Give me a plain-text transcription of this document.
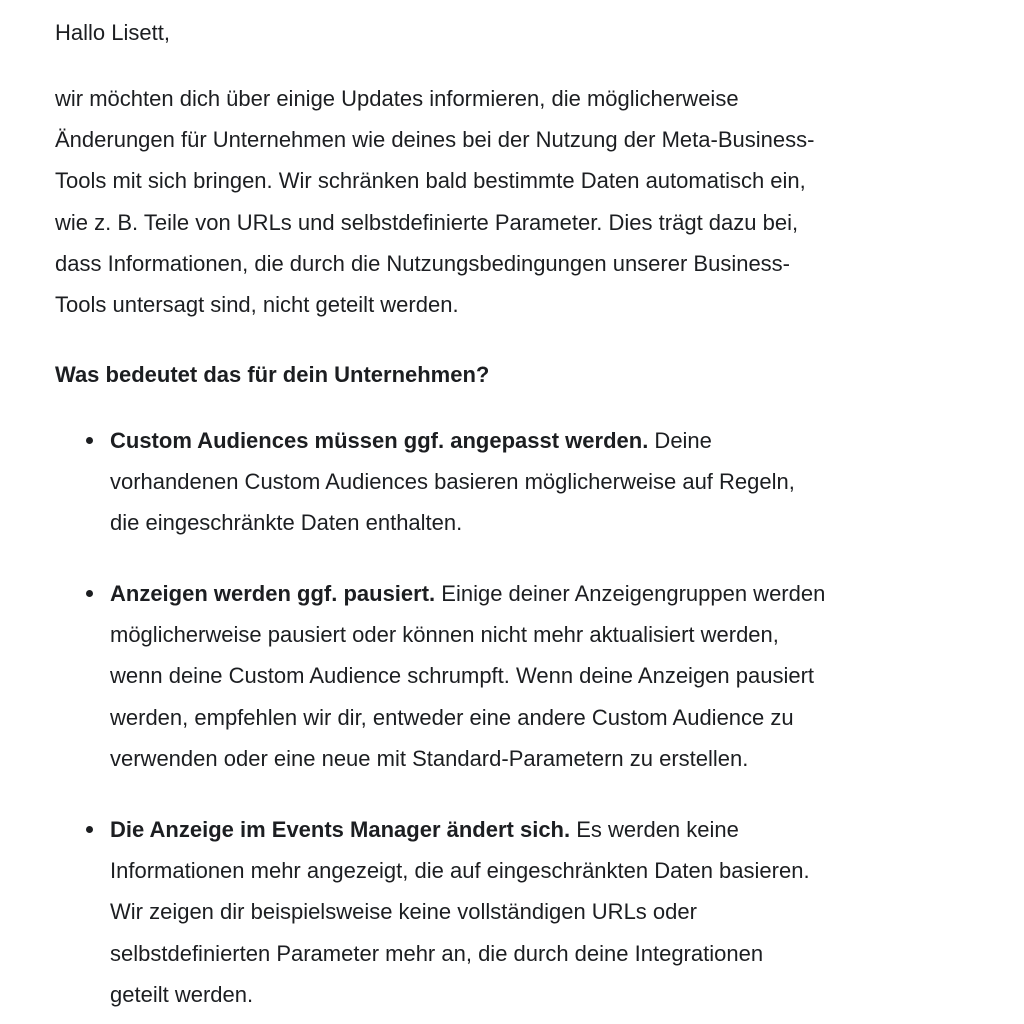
Hallo Lisett,
wir möchten dich über einige Updates informieren, die möglicherweise
Änderungen für Unternehmen wie deines bei der Nutzung der Meta-Business-
Tools mit sich bringen. Wir schränken bald bestimmte Daten automatisch ein,
wie z. B. Teile von URLs und selbstdefinierte Parameter. Dies trägt dazu bei,
dass Informationen, die durch die Nutzungsbedingungen unserer Business-
Tools untersagt sind, nicht geteilt werden.
Was bedeutet das für dein Unternehmen?
Custom Audiences müssen ggf. angepasst werden. Deine
vorhandenen Custom Audiences basieren möglicherweise auf Regeln,
die eingeschränkte Daten enthalten.
Anzeigen werden ggf. pausiert. Einige deiner Anzeigengruppen werden
möglicherweise pausiert oder können nicht mehr aktualisiert werden,
wenn deine Custom Audience schrumpft. Wenn deine Anzeigen pausiert
werden, empfehlen wir dir, entweder eine andere Custom Audience zu
verwenden oder eine neue mit Standard-Parametern zu erstellen.
Die Anzeige im Events Manager ändert sich. Es werden keine
Informationen mehr angezeigt, die auf eingeschränkten Daten basieren.
Wir zeigen dir beispielsweise keine vollständigen URLs oder
selbstdefinierten Parameter mehr an, die durch deine Integrationen
geteilt werden.
